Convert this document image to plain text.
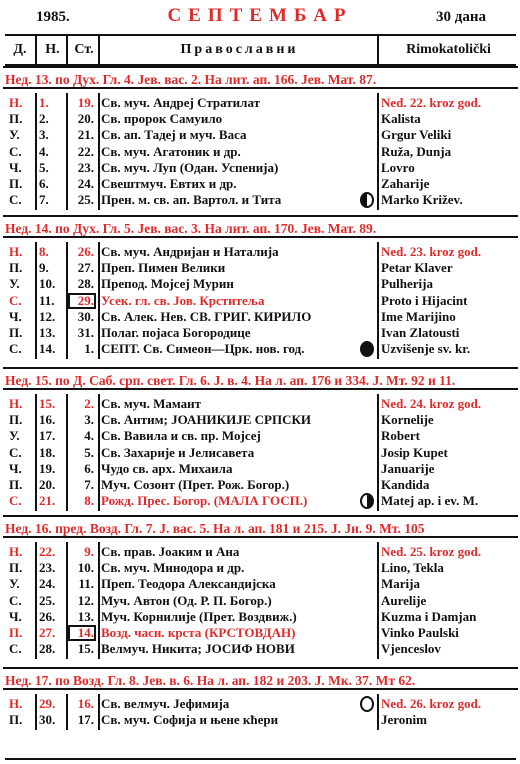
1985.	СЕПТЕМБАР	30 дана
Д.	Н.	Ст.	Православни	Rimokatolički
Нед. 13. по Дух. Гл. 4. Јев. вас. 2. На лит. ап. 166. Јев. Мат. 87.
Н.	1.	19. Св. муч. Андреј Стратилат	Ned. 22. kroz god.
П.	2.	20. Св. пророк Самуило	Kalista
У.	3.	21. Св. ап. Тадеј и муч. Васа	Grgur Veliki
С.	4.	22. Св. муч. Агатоник и др.	Ruža, Dunja
Ч.	5.	23. Св. муч. Луп (Одан. Успенија)	Lovro
П.	6.	24. Свештмуч. Евтих и др.	Zaharije
С.	7.	25. Прен. м. св. ап. Вартол. и Тита	Marko Križev.
Нед. 14. по Дух. Гл. 5. Јев. вас. 3. На лит. ап. 170. Јев. Мат. 89.
Н.	8.	26. Св. муч. Андријан и Наталија	Ned. 23. kroz god.
П.	9.	27. Преп. Пимен Велики	Petar Klaver
У.	10.	28. Препод. Мојсеј Мурин	Pulherija
С.	11.	29. Усек. гл. св. Јов. Крститеља	Proto i Hijacint
Ч.	12.	30. Св. Алек. Нев. СВ. ГРИГ. КИРИЛО	Ime Marijino
П.	13.	31. Полаг. појаса Богородице	Ivan Zlatousti
С.	14.	1. СЕПТ. Св. Симеон—Црк. нов. год.	Uzvišenje sv. kr.
Нед. 15. по Д. Саб. срп. свет. Гл. 6. Ј. в. 4. На л. ап. 176 и 334. Ј. Мт. 92 и 11.
Н.	15.	2. Св. муч. Мамант	Ned. 24. kroz god.
П.	16.	3. Св. Антим; ЈОАНИКИЈЕ СРПСКИ	Kornelije
У.	17.	4. Св. Вавила и св. пр. Мојсеј	Robert
С.	18.	5. Св. Захарије и Јелисавета	Josip Kupet
Ч.	19.	6. Чудо св. арх. Михаила	Januarije
П.	20.	7. Муч. Созонт (Прет. Рож. Богор.)	Kandida
С.	21.	8. Рожд. Прес. Богор. (МАЛА ГОСП.)	Matej ap. i ev. M.
Нед. 16. пред. Возд. Гл. 7. Ј. вас. 5. На л. ап. 181 и 215. Ј. Јн. 9. Мт. 105
Н.	22.	9. Св. прав. Јоаким и Ана	Ned. 25. kroz god.
П.	23.	10. Св. муч. Минодора и др.	Lino, Tekla
У.	24.	11. Преп. Теодора Александијска	Marija
С.	25.	12. Муч. Автон (Од. Р. П. Богор.)	Aurelije
Ч.	26.	13. Муч. Корнилије (Прет. Воздвиж.)	Kuzma i Damjan
П.	27.	14. Возд. часн. крста (КРСТОВДАН)	Vinko Paulski
С.	28.	15. Велмуч. Никита; ЈОСИФ НОВИ	Vjenceslov
Нед. 17. по Возд. Гл. 8. Јев. в. 6. На л. ап. 182 и 203. Ј. Мк. 37. Мт 62.
Н.	29.	16. Св. велмуч. Јефимија	Ned. 26. kroz god.
П.	30.	17. Св. муч. Софија и њене кћери	Jeronim
